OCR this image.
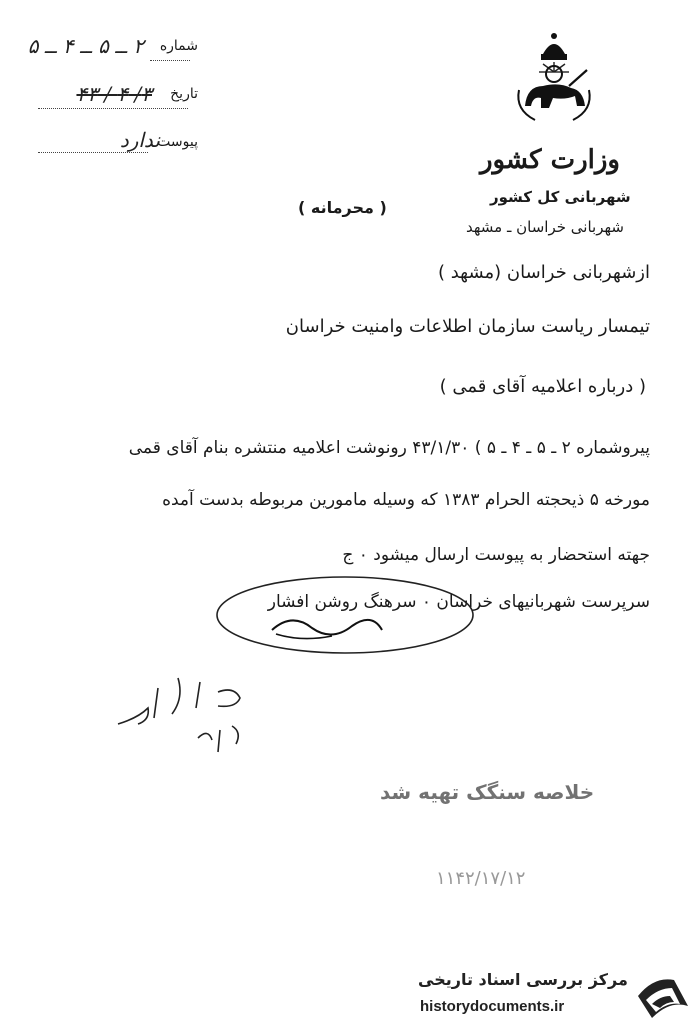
شماره
۲ ــ ۵ ــ ۴ ــ ۵
تاریخ
۳/ ۴ / ۴۳
پیوست
ندارد
وزارت کشور
شهربانی کل کشور
شهربانی خراسان ـ مشهد
( محرمانه )
ازشهربانی خراسان (مشهد )
تیمسار ریاست سازمان اطلاعات وامنیت خراسان
( درباره اعلامیه آقای قمی )
پیروشماره ۲ ـ ۵ ـ ۴ ـ ۵ ) ۴۳/۱/۳۰ رونوشت اعلامیه منتشره بنام آقای قمی
مورخه ۵ ذیحجته الحرام ۱۳۸۳ که وسیله مامورین مربوطه بدست آمده
جهته استحضار به پیوست ارسال میشود ۰ ج
سرپرست شهربانیهای خراسان ۰ سرهنگ روشن افشار
خلاصه سنگک تهیه شد
۱۱۴۲/۱۷/۱۲
مرکز بررسی اسناد تاریخی
historydocuments.ir
